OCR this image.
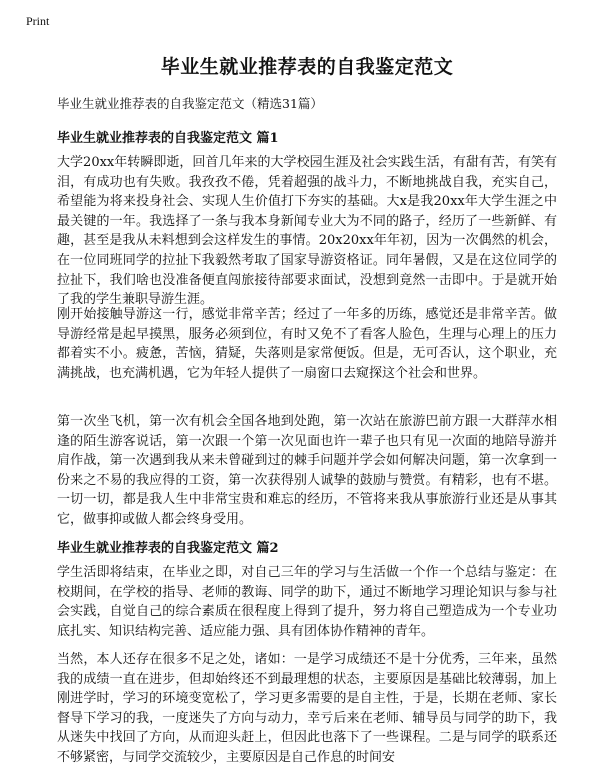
Print
毕业生就业推荐表的自我鉴定范文
毕业生就业推荐表的自我鉴定范文（精选31篇）
毕业生就业推荐表的自我鉴定范文 篇1

大学20xx年转瞬即逝，回首几年来的大学校园生涯及社会实践生活，有甜有苦，有笑有泪，有成功也有失败。我孜孜不倦，凭着超强的战斗力，不断地挑战自我，充实自己，希望能为将来投身社会、实现人生价值打下夯实的基础。大x是我20xx年大学生涯之中最关键的一年。我选择了一条与我本身新闻专业大为不同的路子，经历了一些新鲜、有趣，甚至是我从未料想到会这样发生的事情。20x20xx年年初，因为一次偶然的机会，在一位同班同学的拉扯下我毅然考取了国家导游资格证。同年暑假，又是在这位同学的拉扯下，我们啥也没准备便直闯旅接待部要求面试，没想到竟然一击即中。于是就开始了我的学生兼职导游生涯。

刚开始接触导游这一行，感觉非常辛苦；经过了一年多的历练，感觉还是非常辛苦。做导游经常是起早摸黑，服务必须到位，有时又免不了看客人脸色，生理与心理上的压力都着实不小。疲惫，苦恼，猜疑，失落则是家常便饭。但是，无可否认，这个职业，充满挑战，也充满机遇，它为年轻人提供了一扇窗口去窥探这个社会和世界。

第一次坐飞机，第一次有机会全国各地到处跑，第一次站在旅游巴前方跟一大群萍水相逢的陌生游客说话，第一次跟一个第一次见面也许一辈子也只有见一次面的地陪导游并肩作战，第一次遇到我从来未曾碰到过的棘手问题并学会如何解决问题，第一次拿到一份来之不易的我应得的工资，第一次获得别人诚挚的鼓励与赞赏。有精彩，也有不堪。一切一切，都是我人生中非常宝贵和难忘的经历，不管将来我从事旅游行业还是从事其它，做事抑或做人都会终身受用。

毕业生就业推荐表的自我鉴定范文 篇2

学生活即将结束，在毕业之即，对自己三年的学习与生活做一个作一个总结与鉴定：在校期间，在学校的指导、老师的教诲、同学的助下，通过不断地学习理论知识与参与社会实践，自觉自己的综合素质在很程度上得到了提升，努力将自己塑造成为一个专业功底扎实、知识结构完善、适应能力强、具有团体协作精神的青年。

当然，本人还存在很多不足之处，诸如：一是学习成绩还不是十分优秀，三年来，虽然我的成绩一直在进步，但却始终还不到最理想的状态，主要原因是基础比较薄弱，加上刚进学时，学习的环境变宽松了，学习更多需要的是自主性，于是，长期在老师、家长督导下学习的我，一度迷失了方向与动力，幸亏后来在老师、辅导员与同学的助下，我从迷失中找回了方向，从而迎头赶上，但因此也落下了一些课程。二是与同学的联系还不够紧密，与同学交流较少，主要原因是自己作息的时间安
